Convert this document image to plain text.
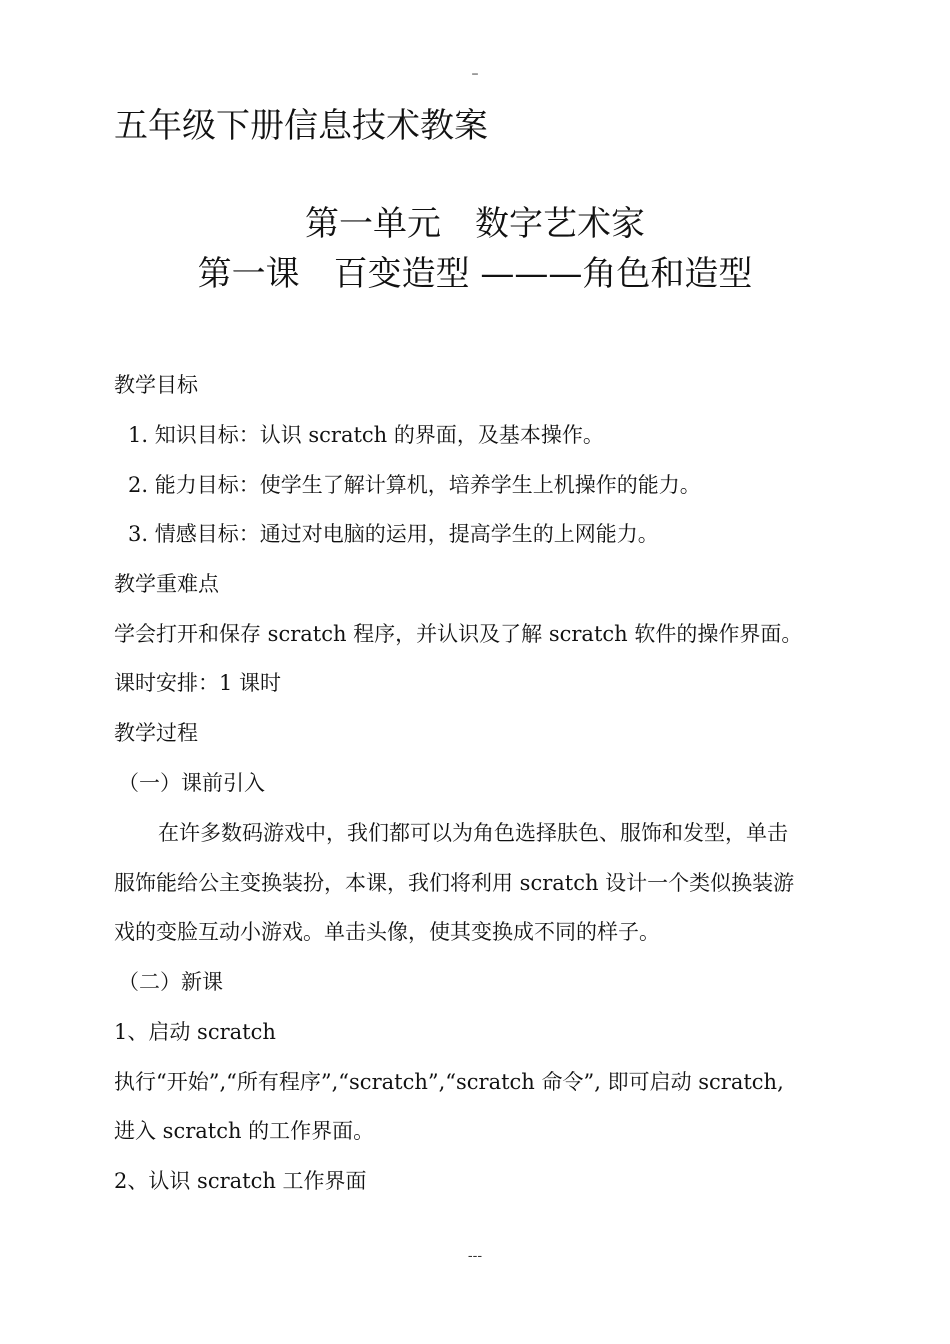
–
五年级下册信息技术教案
第一单元　数字艺术家
第一课　百变造型 ———角色和造型
教学目标
1. 知识目标：认识 scratch 的界面，及基本操作。
2. 能力目标：使学生了解计算机，培养学生上机操作的能力。
3. 情感目标：通过对电脑的运用，提高学生的上网能力。
教学重难点
学会打开和保存 scratch 程序，并认识及了解 scratch 软件的操作界面。
课时安排：1 课时
教学过程
（一）课前引入
在许多数码游戏中，我们都可以为角色选择肤色、服饰和发型，单击
服饰能给公主变换装扮，本课，我们将利用 scratch 设计一个类似换装游
戏的变脸互动小游戏。单击头像，使其变换成不同的样子。
（二）新课
1、启动 scratch
执行“开始”,“所有程序”,“scratch”,“scratch 命令”, 即可启动 scratch,
进入 scratch 的工作界面。
2、认识 scratch 工作界面
---
